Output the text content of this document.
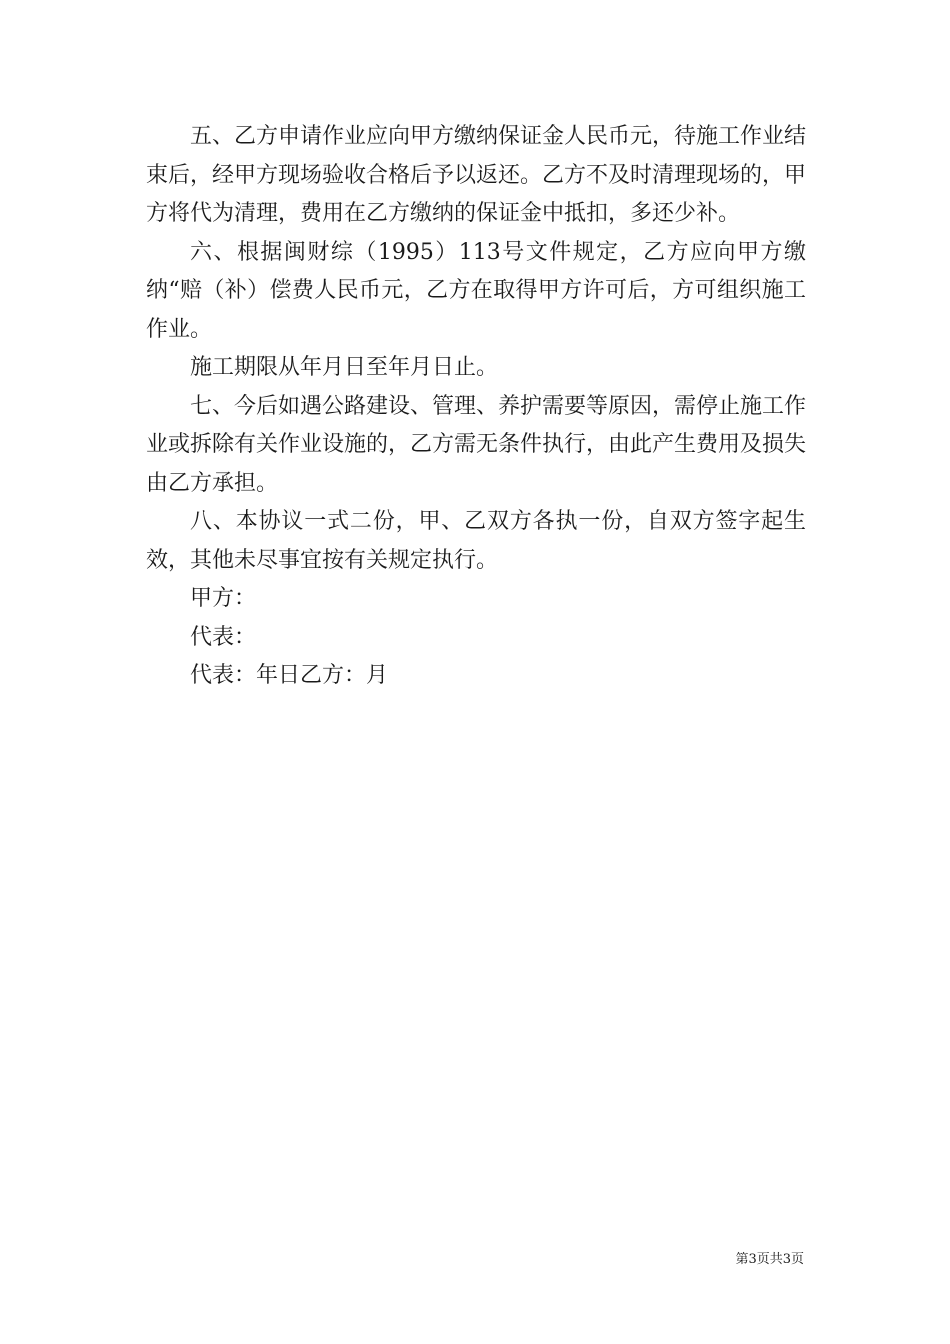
五、乙方申请作业应向甲方缴纳保证金人民币元，待施工作业结束后，经甲方现场验收合格后予以返还。乙方不及时清理现场的，甲方将代为清理，费用在乙方缴纳的保证金中抵扣，多还少补。

六、根据闽财综（1995）113号文件规定，乙方应向甲方缴纳“赔（补）偿费人民币元，乙方在取得甲方许可后，方可组织施工作业。

施工期限从年月日至年月日止。

七、今后如遇公路建设、管理、养护需要等原因，需停止施工作业或拆除有关作业设施的，乙方需无条件执行，由此产生费用及损失由乙方承担。

八、本协议一式二份，甲、乙双方各执一份，自双方签字起生效，其他未尽事宜按有关规定执行。

甲方：

代表：

代表：年日乙方：月

第3页共3页
